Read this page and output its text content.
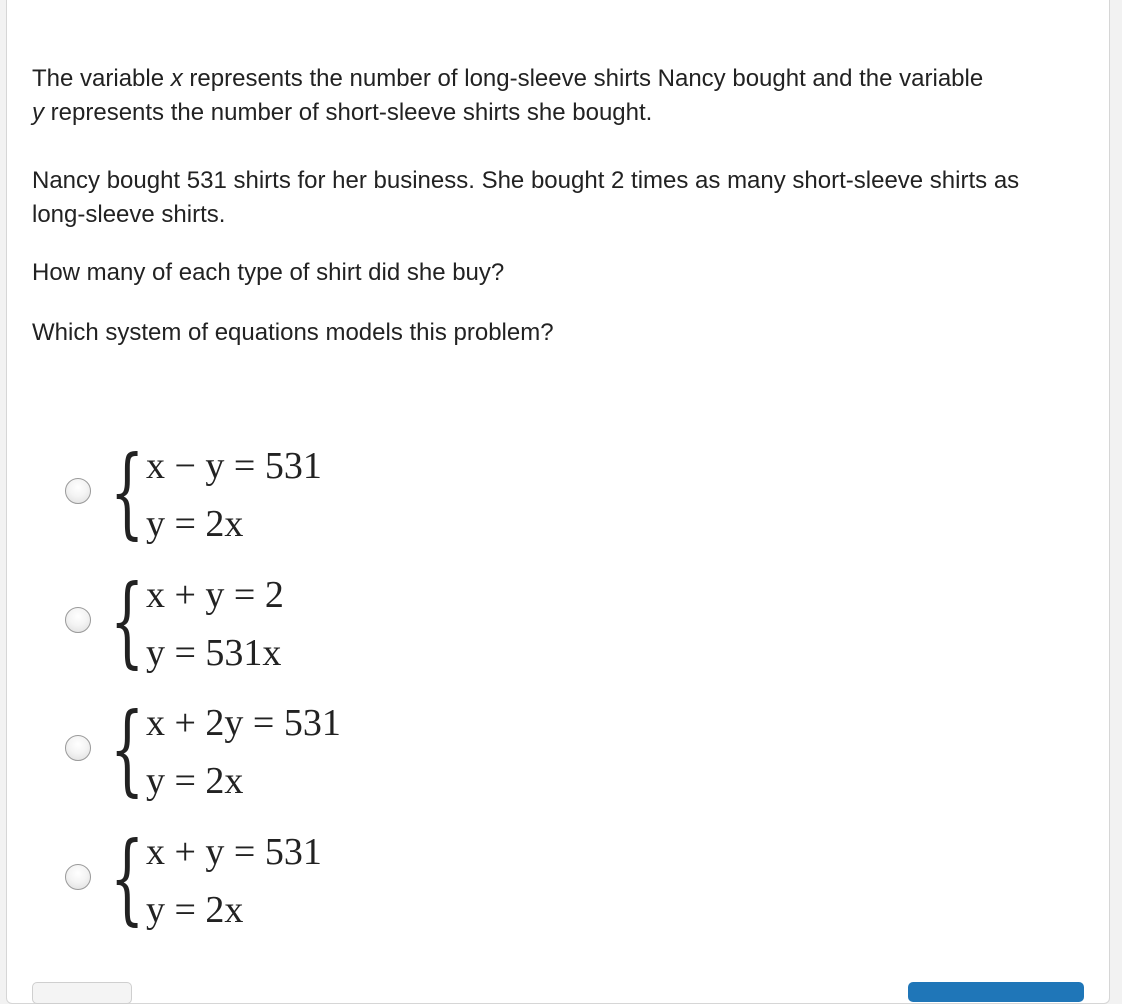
The variable x represents the number of long-sleeve shirts Nancy bought and the variable
y represents the number of short-sleeve shirts she bought.

Nancy bought 531 shirts for her business. She bought 2 times as many short-sleeve shirts as long-sleeve shirts.

How many of each type of shirt did she buy?

Which system of equations models this problem?

{ x − y = 531
y = 2x
{ x + y = 2
y = 531x
{ x + 2y = 531
y = 2x
{ x + y = 531
y = 2x
